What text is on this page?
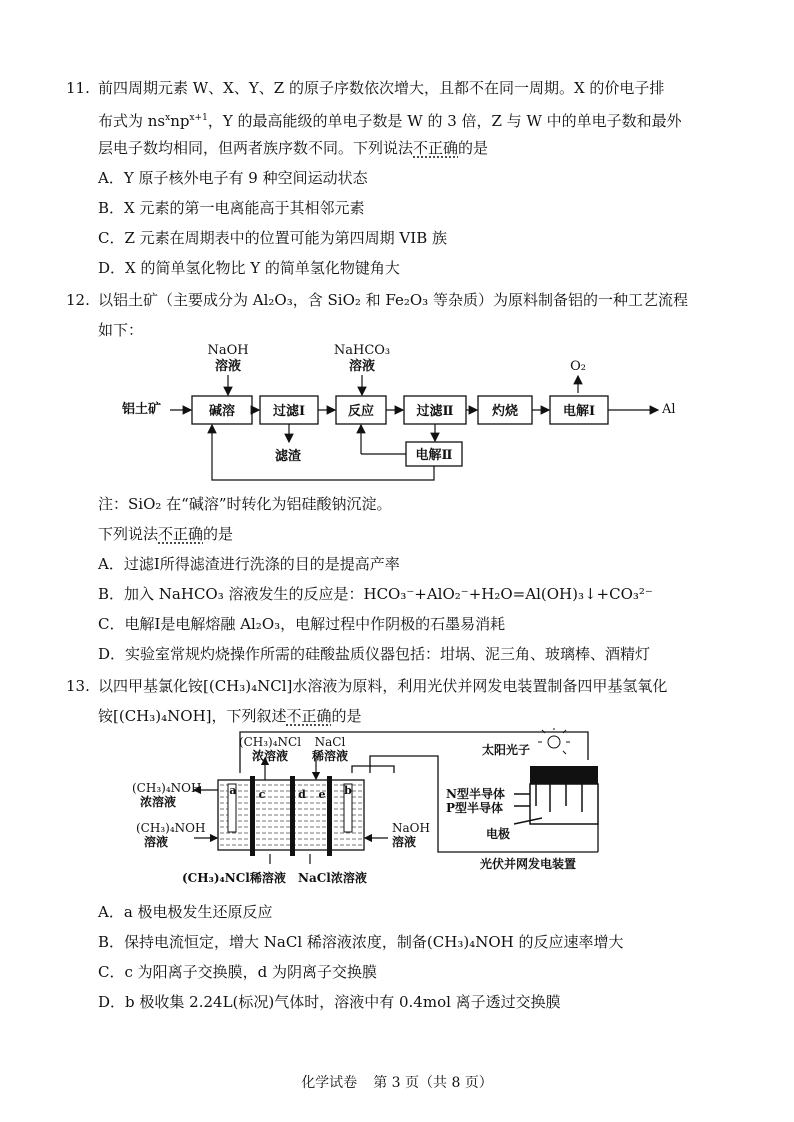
11. 前四周期元素 W、X、Y、Z 的原子序数依次增大，且都不在同一周期。X 的价电子排
布式为 $ns^xnp^{x+1}$，Y 的最高能级的单电子数是 W 的 3 倍，Z 与 W 中的单电子数和最外
层电子数均相同，但两者族序数不同。下列说法不正确的是
A．Y 原子核外电子有 9 种空间运动状态
B．X 元素的第一电离能高于其相邻元素
C．Z 元素在周期表中的位置可能为第四周期 VIB 族
D．X 的简单氢化物比 Y 的简单氢化物键角大
12. 以铝土矿（主要成分为 Al₂O₃，含 SiO₂ 和 Fe₂O₃ 等杂质）为原料制备铝的一种工艺流程
如下：
NaOH
溶液
NaHCO₃
溶液
铝土矿
O₂
Al
滤渣
碱溶	过滤Ⅰ	反应	过滤Ⅱ	灼烧	电解Ⅰ
电解Ⅱ
注：SiO₂ 在“碱溶”时转化为铝硅酸钠沉淀。
下列说法不正确的是
A．过滤Ⅰ所得滤渣进行洗涤的目的是提高产率
B．加入 NaHCO₃ 溶液发生的反应是：HCO₃⁻+AlO₂⁻+H₂O=Al(OH)₃↓+CO₃²⁻
C．电解Ⅰ是电解熔融 Al₂O₃，电解过程中作阴极的石墨易消耗
D．实验室常规灼烧操作所需的硅酸盐质仪器包括：坩埚、泥三角、玻璃棒、酒精灯
13. 以四甲基氯化铵[(CH₃)₄NCl]水溶液为原料，利用光伏并网发电装置制备四甲基氢氧化
铵[(CH₃)₄NOH]，下列叙述不正确的是
a c	d e b
(CH₃)₄NCl
浓溶液
NaCl
稀溶液
(CH₃)₄NOH
浓溶液
(CH₃)₄NOH
溶液
NaOH
溶液
(CH₃)₄NCl稀溶液 NaCl浓溶液
太阳光子
N型半导体
P型半导体
电极
光伏并网发电装置
A．a 极电极发生还原反应
B．保持电流恒定，增大 NaCl 稀溶液浓度，制备(CH₃)₄NOH 的反应速率增大
C．c 为阳离子交换膜，d 为阴离子交换膜
D．b 极收集 2.24L(标况)气体时，溶液中有 0.4mol 离子透过交换膜
化学试卷 第 3 页（共 8 页）
